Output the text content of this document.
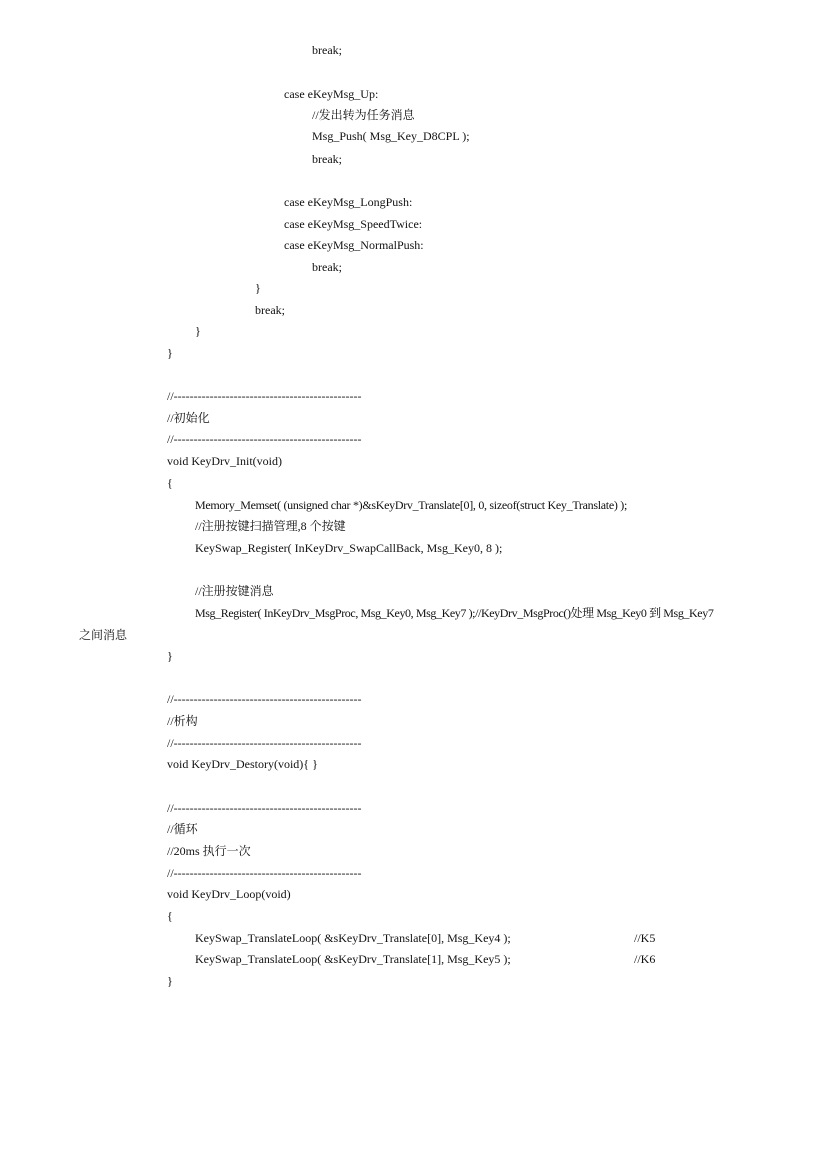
break;
case eKeyMsg_Up:
//发出转为任务消息
Msg_Push( Msg_Key_D8CPL );
break;
case eKeyMsg_LongPush:
case eKeyMsg_SpeedTwice:
case eKeyMsg_NormalPush:
break;
}
break;
}
}
//-----------------------------------------------
//初始化
//-----------------------------------------------
void KeyDrv_Init(void)
{
Memory_Memset( (unsigned char *)&sKeyDrv_Translate[0], 0, sizeof(struct Key_Translate) );
//注册按键扫描管理,8 个按键
KeySwap_Register( InKeyDrv_SwapCallBack, Msg_Key0, 8 );
//注册按键消息
Msg_Register( InKeyDrv_MsgProc, Msg_Key0, Msg_Key7 );//KeyDrv_MsgProc()处理 Msg_Key0 到 Msg_Key7
之间消息
}
//-----------------------------------------------
//析构
//-----------------------------------------------
void KeyDrv_Destory(void){ }
//-----------------------------------------------
//循环
//20ms 执行一次
//-----------------------------------------------
void KeyDrv_Loop(void)
{
KeySwap_TranslateLoop( &sKeyDrv_Translate[0], Msg_Key4 );	//K5
KeySwap_TranslateLoop( &sKeyDrv_Translate[1], Msg_Key5 );	//K6
}
